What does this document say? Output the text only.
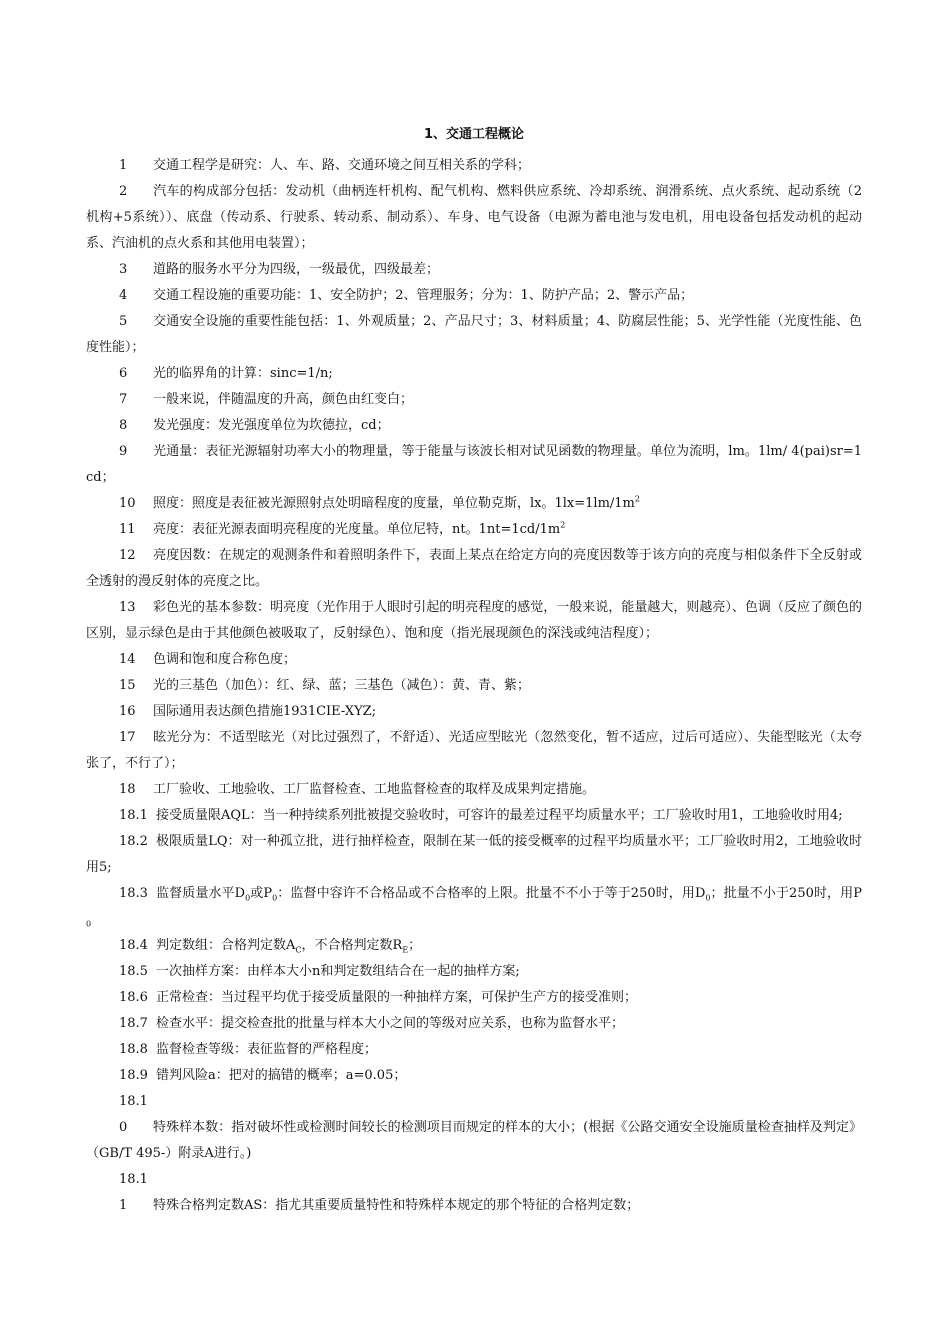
1、交通工程概论

1 交通工程学是研究：人、车、路、交通环境之间互相关系的学科；

2 汽车的构成部分包括：发动机（曲柄连杆机构、配气机构、燃料供应系统、冷却系统、润滑系统、点火系统、起动系统（2机构+5系统））、底盘（传动系、行驶系、转动系、制动系）、车身、电气设备（电源为蓄电池与发电机，用电设备包括发动机的起动系、汽油机的点火系和其他用电装置）；

3 道路的服务水平分为四级，一级最优，四级最差；

4 交通工程设施的重要功能：1、安全防护；2、管理服务；分为：1、防护产品；2、警示产品；

5 交通安全设施的重要性能包括：1、外观质量；2、产品尺寸；3、材料质量；4、防腐层性能；5、光学性能（光度性能、色度性能）；

6 光的临界角的计算：sinc=1/n;

7 一般来说，伴随温度的升高，颜色由红变白；

8 发光强度：发光强度单位为坎德拉，cd；

9 光通量：表征光源辐射功率大小的物理量，等于能量与该波长相对试见函数的物理量。单位为流明，lm。1lm/ 4(pai)sr=1cd；

10 照度：照度是表征被光源照射点处明暗程度的度量，单位勒克斯，lx。$1lx=1lm/1m^2$

11 亮度：表征光源表面明亮程度的光度量。单位尼特，nt。$1nt=1cd/1m^2$

12 亮度因数：在规定的观测条件和着照明条件下，表面上某点在给定方向的亮度因数等于该方向的亮度与相似条件下全反射或全透射的漫反射体的亮度之比。

13 彩色光的基本参数：明亮度（光作用于人眼时引起的明亮程度的感觉，一般来说，能量越大，则越亮）、色调（反应了颜色的区别，显示绿色是由于其他颜色被吸取了，反射绿色）、饱和度（指光展现颜色的深浅或纯洁程度）；

14 色调和饱和度合称色度；

15 光的三基色（加色）：红、绿、蓝；三基色（减色）：黄、青、紫；

16 国际通用表达颜色措施1931CIE-XYZ;

17 眩光分为：不适型眩光（对比过强烈了，不舒适）、光适应型眩光（忽然变化，暂不适应，过后可适应）、失能型眩光（太夸张了，不行了）；

18 工厂验收、工地验收、工厂监督检查、工地监督检查的取样及成果判定措施。

18.1 接受质量限AQL：当一种持续系列批被提交验收时，可容许的最差过程平均质量水平；工厂验收时用1，工地验收时用4;

18.2 极限质量LQ：对一种孤立批，进行抽样检查，限制在某一低的接受概率的过程平均质量水平；工厂验收时用2，工地验收时用5;

18.3 监督质量水平$D_0$或$P_0$：监督中容许不合格品或不合格率的上限。批量不不小于等于250时，用$D_0$；批量不小于250时，用$P_0$

18.4 判定数组：合格判定数$A_C$，不合格判定数$R_E$；

18.5 一次抽样方案：由样本大小n和判定数组结合在一起的抽样方案;

18.6 正常检查：当过程平均优于接受质量限的一种抽样方案，可保护生产方的接受准则；

18.7 检查水平：提交检查批的批量与样本大小之间的等级对应关系，也称为监督水平；

18.8 监督检查等级：表征监督的严格程度；

18.9 错判风险a：把对的搞错的概率；a=0.05；

18.10 特殊样本数：指对破坏性或检测时间较长的检测项目而规定的样本的大小；(根据《公路交通安全设施质量检查抽样及判定》（GB/T 495-）附录A进行。)

18.11 特殊合格判定数AS：指尤其重要质量特性和特殊样本规定的那个特征的合格判定数；
